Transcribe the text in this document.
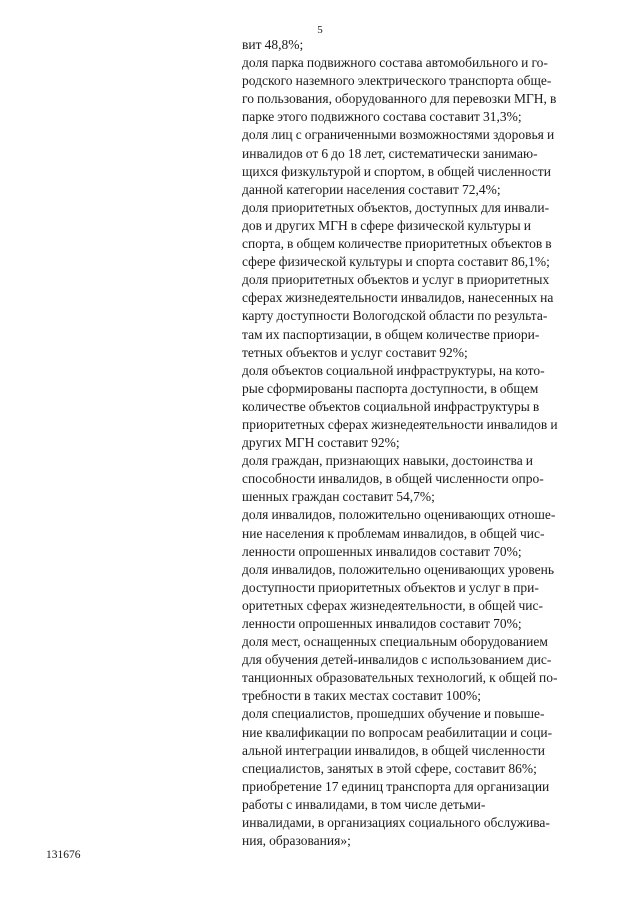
5
вит 48,8%;
доля парка подвижного состава автомобильного и го-
родского наземного электрического транспорта обще-
го пользования, оборудованного для перевозки МГН, в
парке этого подвижного состава составит 31,3%;
доля лиц с ограниченными возможностями здоровья и
инвалидов от 6 до 18 лет, систематически занимаю-
щихся физкультурой и спортом, в общей численности
данной категории населения составит 72,4%;
доля приоритетных объектов, доступных для инвали-
дов и других МГН в сфере физической культуры и
спорта, в общем количестве приоритетных объектов в
сфере физической культуры и спорта составит 86,1%;
доля приоритетных объектов и услуг в приоритетных
сферах жизнедеятельности инвалидов, нанесенных на
карту доступности Вологодской области по результа-
там их паспортизации, в общем количестве приори-
тетных объектов и услуг составит 92%;
доля объектов социальной инфраструктуры, на кото-
рые сформированы паспорта доступности, в общем
количестве объектов социальной инфраструктуры в
приоритетных сферах жизнедеятельности инвалидов и
других МГН составит 92%;
доля граждан, признающих навыки, достоинства и
способности инвалидов, в общей численности опро-
шенных граждан составит 54,7%;
доля инвалидов, положительно оценивающих отноше-
ние населения к проблемам инвалидов, в общей чис-
ленности опрошенных инвалидов составит 70%;
доля инвалидов, положительно оценивающих уровень
доступности приоритетных объектов и услуг в при-
оритетных сферах жизнедеятельности, в общей чис-
ленности опрошенных инвалидов составит 70%;
доля мест, оснащенных специальным оборудованием
для обучения детей-инвалидов с использованием дис-
танционных образовательных технологий, к общей по-
требности в таких местах составит 100%;
доля специалистов, прошедших обучение и повыше-
ние квалификации по вопросам реабилитации и соци-
альной интеграции инвалидов, в общей численности
специалистов, занятых в этой сфере, составит 86%;
приобретение 17 единиц транспорта для организации
работы с инвалидами, в том числе детьми-
инвалидами, в организациях социального обслужива-
ния, образования»;
131676
